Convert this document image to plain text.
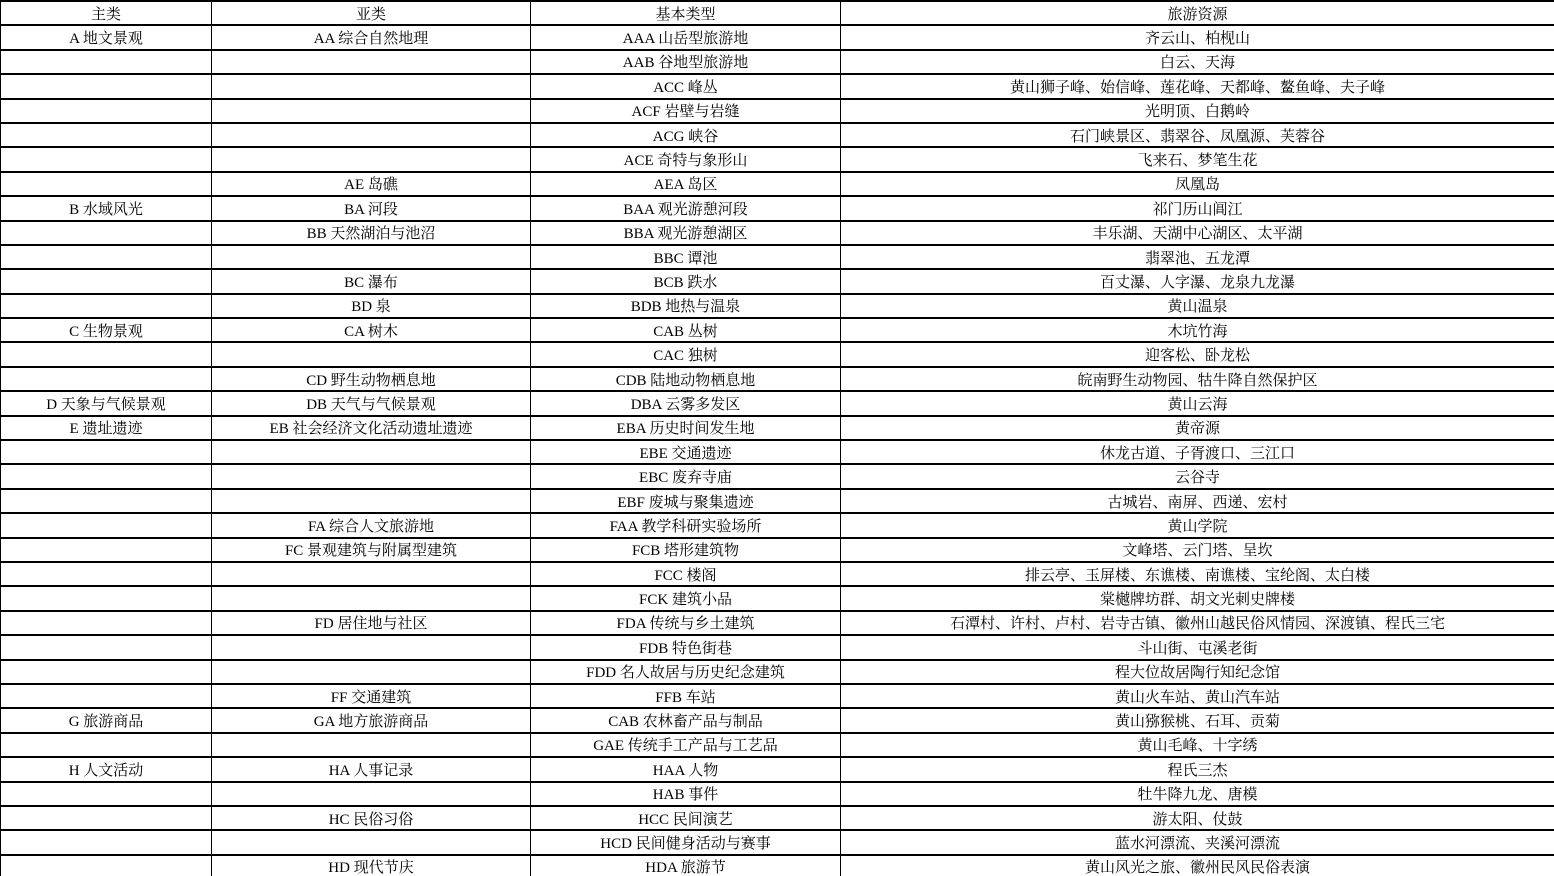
主类	亚类	基本类型	旅游资源
A 地文景观	AA 综合自然地理	AAA 山岳型旅游地	齐云山、柏枧山
		AAB 谷地型旅游地	白云、天海
		ACC 峰丛	黄山狮子峰、始信峰、莲花峰、天都峰、鳌鱼峰、夫子峰
		ACF 岩壁与岩缝	光明顶、白鹅岭
		ACG 峡谷	石门峡景区、翡翠谷、凤凰源、芙蓉谷
		ACE 奇特与象形山	飞来石、梦笔生花
	AE 岛礁	AEA 岛区	凤凰岛
B 水域风光	BA 河段	BAA 观光游憩河段	祁门历山阊江
	BB 天然湖泊与池沼	BBA 观光游憩湖区	丰乐湖、天湖中心湖区、太平湖
		BBC 谭池	翡翠池、五龙潭
	BC 瀑布	BCB 跌水	百丈瀑、人字瀑、龙泉九龙瀑
	BD 泉	BDB 地热与温泉	黄山温泉
C 生物景观	CA 树木	CAB 丛树	木坑竹海
		CAC 独树	迎客松、卧龙松
	CD 野生动物栖息地	CDB 陆地动物栖息地	皖南野生动物园、牯牛降自然保护区
D 天象与气候景观	DB 天气与气候景观	DBA 云雾多发区	黄山云海
E 遗址遗迹	EB 社会经济文化活动遗址遗迹	EBA 历史时间发生地	黄帝源
		EBE 交通遗迹	休龙古道、子胥渡口、三江口
		EBC 废弃寺庙	云谷寺
		EBF 废城与聚集遗迹	古城岩、南屏、西递、宏村
	FA 综合人文旅游地	FAA 教学科研实验场所	黄山学院
	FC 景观建筑与附属型建筑	FCB 塔形建筑物	文峰塔、云门塔、呈坎
		FCC 楼阁	排云亭、玉屏楼、东谯楼、南谯楼、宝纶阁、太白楼
		FCK 建筑小品	棠樾牌坊群、胡文光刺史牌楼
	FD 居住地与社区	FDA 传统与乡土建筑	石潭村、许村、卢村、岩寺古镇、徽州山越民俗风情园、深渡镇、程氏三宅
		FDB 特色街巷	斗山街、屯溪老街
		FDD 名人故居与历史纪念建筑	程大位故居陶行知纪念馆
	FF 交通建筑	FFB 车站	黄山火车站、黄山汽车站
G 旅游商品	GA 地方旅游商品	CAB 农林畜产品与制品	黄山猕猴桃、石耳、贡菊
		GAE 传统手工产品与工艺品	黄山毛峰、十字绣
H 人文活动	HA 人事记录	HAA 人物	程氏三杰
		HAB 事件	牡牛降九龙、唐模
	HC 民俗习俗	HCC 民间演艺	游太阳、仗鼓
		HCD 民间健身活动与赛事	蓝水河漂流、夹溪河漂流
	HD 现代节庆	HDA 旅游节	黄山风光之旅、徽州民风民俗表演
